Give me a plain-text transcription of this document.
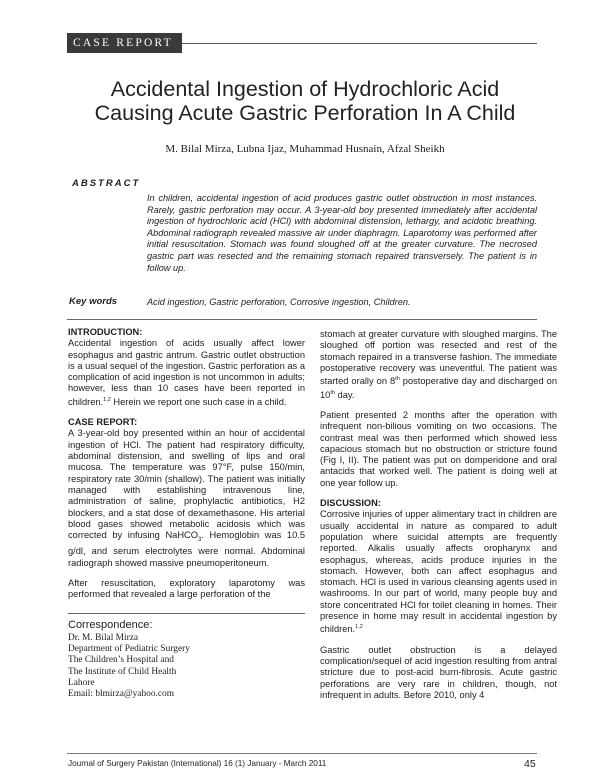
CASE REPORT
Accidental Ingestion of Hydrochloric Acid
Causing Acute Gastric Perforation In A Child
M. Bilal Mirza, Lubna Ijaz, Muhammad Husnain, Afzal Sheikh
ABSTRACT
In children, accidental ingestion of acid produces gastric outlet obstruction in most instances. Rarely, gastric perforation may occur. A 3-year-old boy presented immediately after accidental ingestion of hydrochloric acid (HCl) with abdominal distension, lethargy, and acidotic breathing. Abdominal radiograph revealed massive air under diaphragm. Laparotomy was performed after initial resuscitation. Stomach was found sloughed off at the greater curvature. The necrosed gastric part was resected and the remaining stomach repaired transversely. The patient is in follow up.
Key words	Acid ingestion, Gastric perforation, Corrosive ingestion, Children.
INTRODUCTION:

Accidental ingestion of acids usually affect lower esophagus and gastric antrum. Gastric outlet obstruction is a usual sequel of the ingestion. Gastric perforation as a complication of acid ingestion is not uncommon in adults; however, less than 10 cases have been reported in children.$^{1,2}$ Herein we report one such case in a child.

CASE REPORT:

A 3-year-old boy presented within an hour of accidental ingestion of HCl. The patient had respiratory difficulty, abdominal distension, and swelling of lips and oral mucosa. The temperature was 97°F, pulse 150/min, respiratory rate 30/min (shallow). The patient was initially managed with establishing intravenous line, administration of saline, prophylactic antibiotics, H2 blockers, and a stat dose of dexamethasone. His arterial blood gases showed metabolic acidosis which was corrected by infusing NaHCO$_3$. Hemoglobin was 10.5 g/dl, and serum electrolytes were normal. Abdominal radiograph showed massive pneumoperitoneum.

After resuscitation, exploratory laparotomy was performed that revealed a large perforation of the

Correspondence:
Dr. M. Bilal Mirza
Department of Pediatric Surgery
The Children’s Hospital and
The Institute of Child Health
Lahore
Email: blmirza@yahoo.com

stomach at greater curvature with sloughed margins. The sloughed off portion was resected and rest of the stomach repaired in a transverse fashion. The immediate postoperative recovery was uneventful. The patient was started orally on 8th postoperative day and discharged on 10th day.

Patient presented 2 months after the operation with infrequent non-bilious vomiting on two occasions. The contrast meal was then performed which showed less capacious stomach but no obstruction or stricture found (Fig I, II). The patient was put on domperidone and oral antacids that worked well. The patient is doing well at one year follow up.

DISCUSSION:

Corrosive injuries of upper alimentary tract in children are usually accidental in nature as compared to adult population where suicidal attempts are frequently reported. Alkalis usually affects oropharynx and esophagus, whereas, acids produce injuries in the stomach. However, both can affect esophagus and stomach. HCl is used in various cleansing agents used in washrooms. In our part of world, many people buy and store concentrated HCl for toilet cleaning in homes. Their presence in home may result in accidental ingestion by children.$^{1,2}$

Gastric outlet obstruction is a delayed complication/sequel of acid ingestion resulting from antral stricture due to post-acid burn-fibrosis. Acute gastric perforations are very rare in children, though, not infrequent in adults. Before 2010, only 4

Journal of Surgery Pakistan (International) 16 (1) January - March 2011	45
